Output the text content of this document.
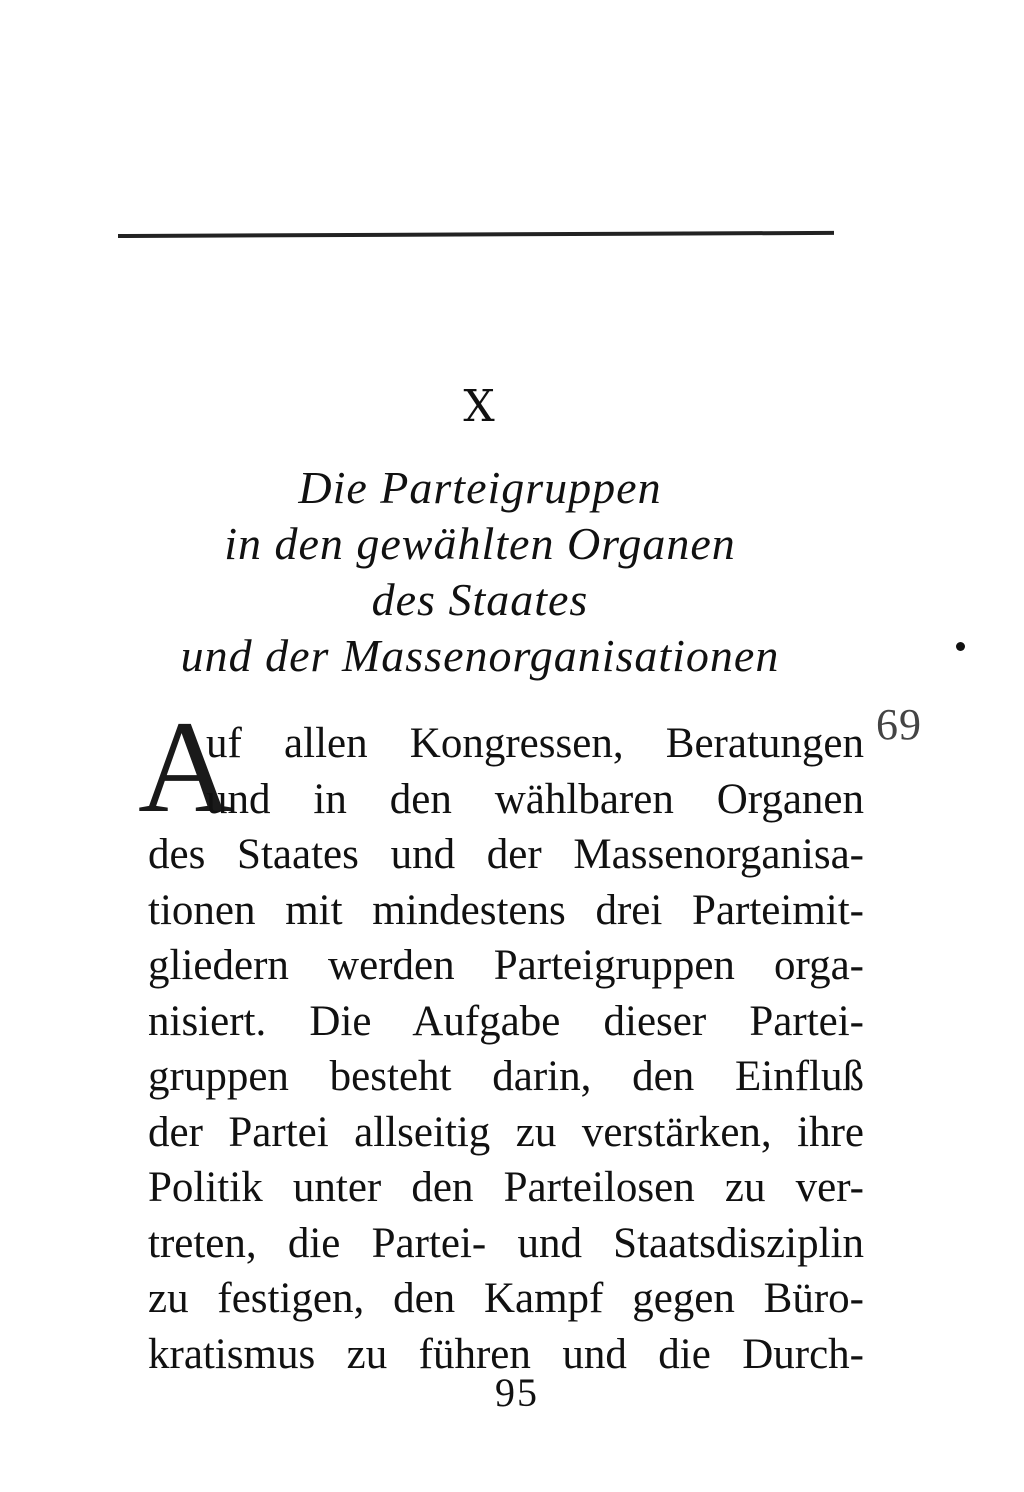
X
Die Parteigruppen
in den gewählten Organen
des Staates
und der Massenorganisationen
69
A
uf allen Kongressen, Beratungen
und in den wählbaren Organen
des Staates und der Massenorganisa-
tionen mit mindestens drei Parteimit-
gliedern werden Parteigruppen orga-
nisiert. Die Aufgabe dieser Partei-
gruppen besteht darin, den Einfluß
der Partei allseitig zu verstärken, ihre
Politik unter den Parteilosen zu ver-
treten, die Partei- und Staatsdisziplin
zu festigen, den Kampf gegen Büro-
kratismus zu führen und die Durch-
95
